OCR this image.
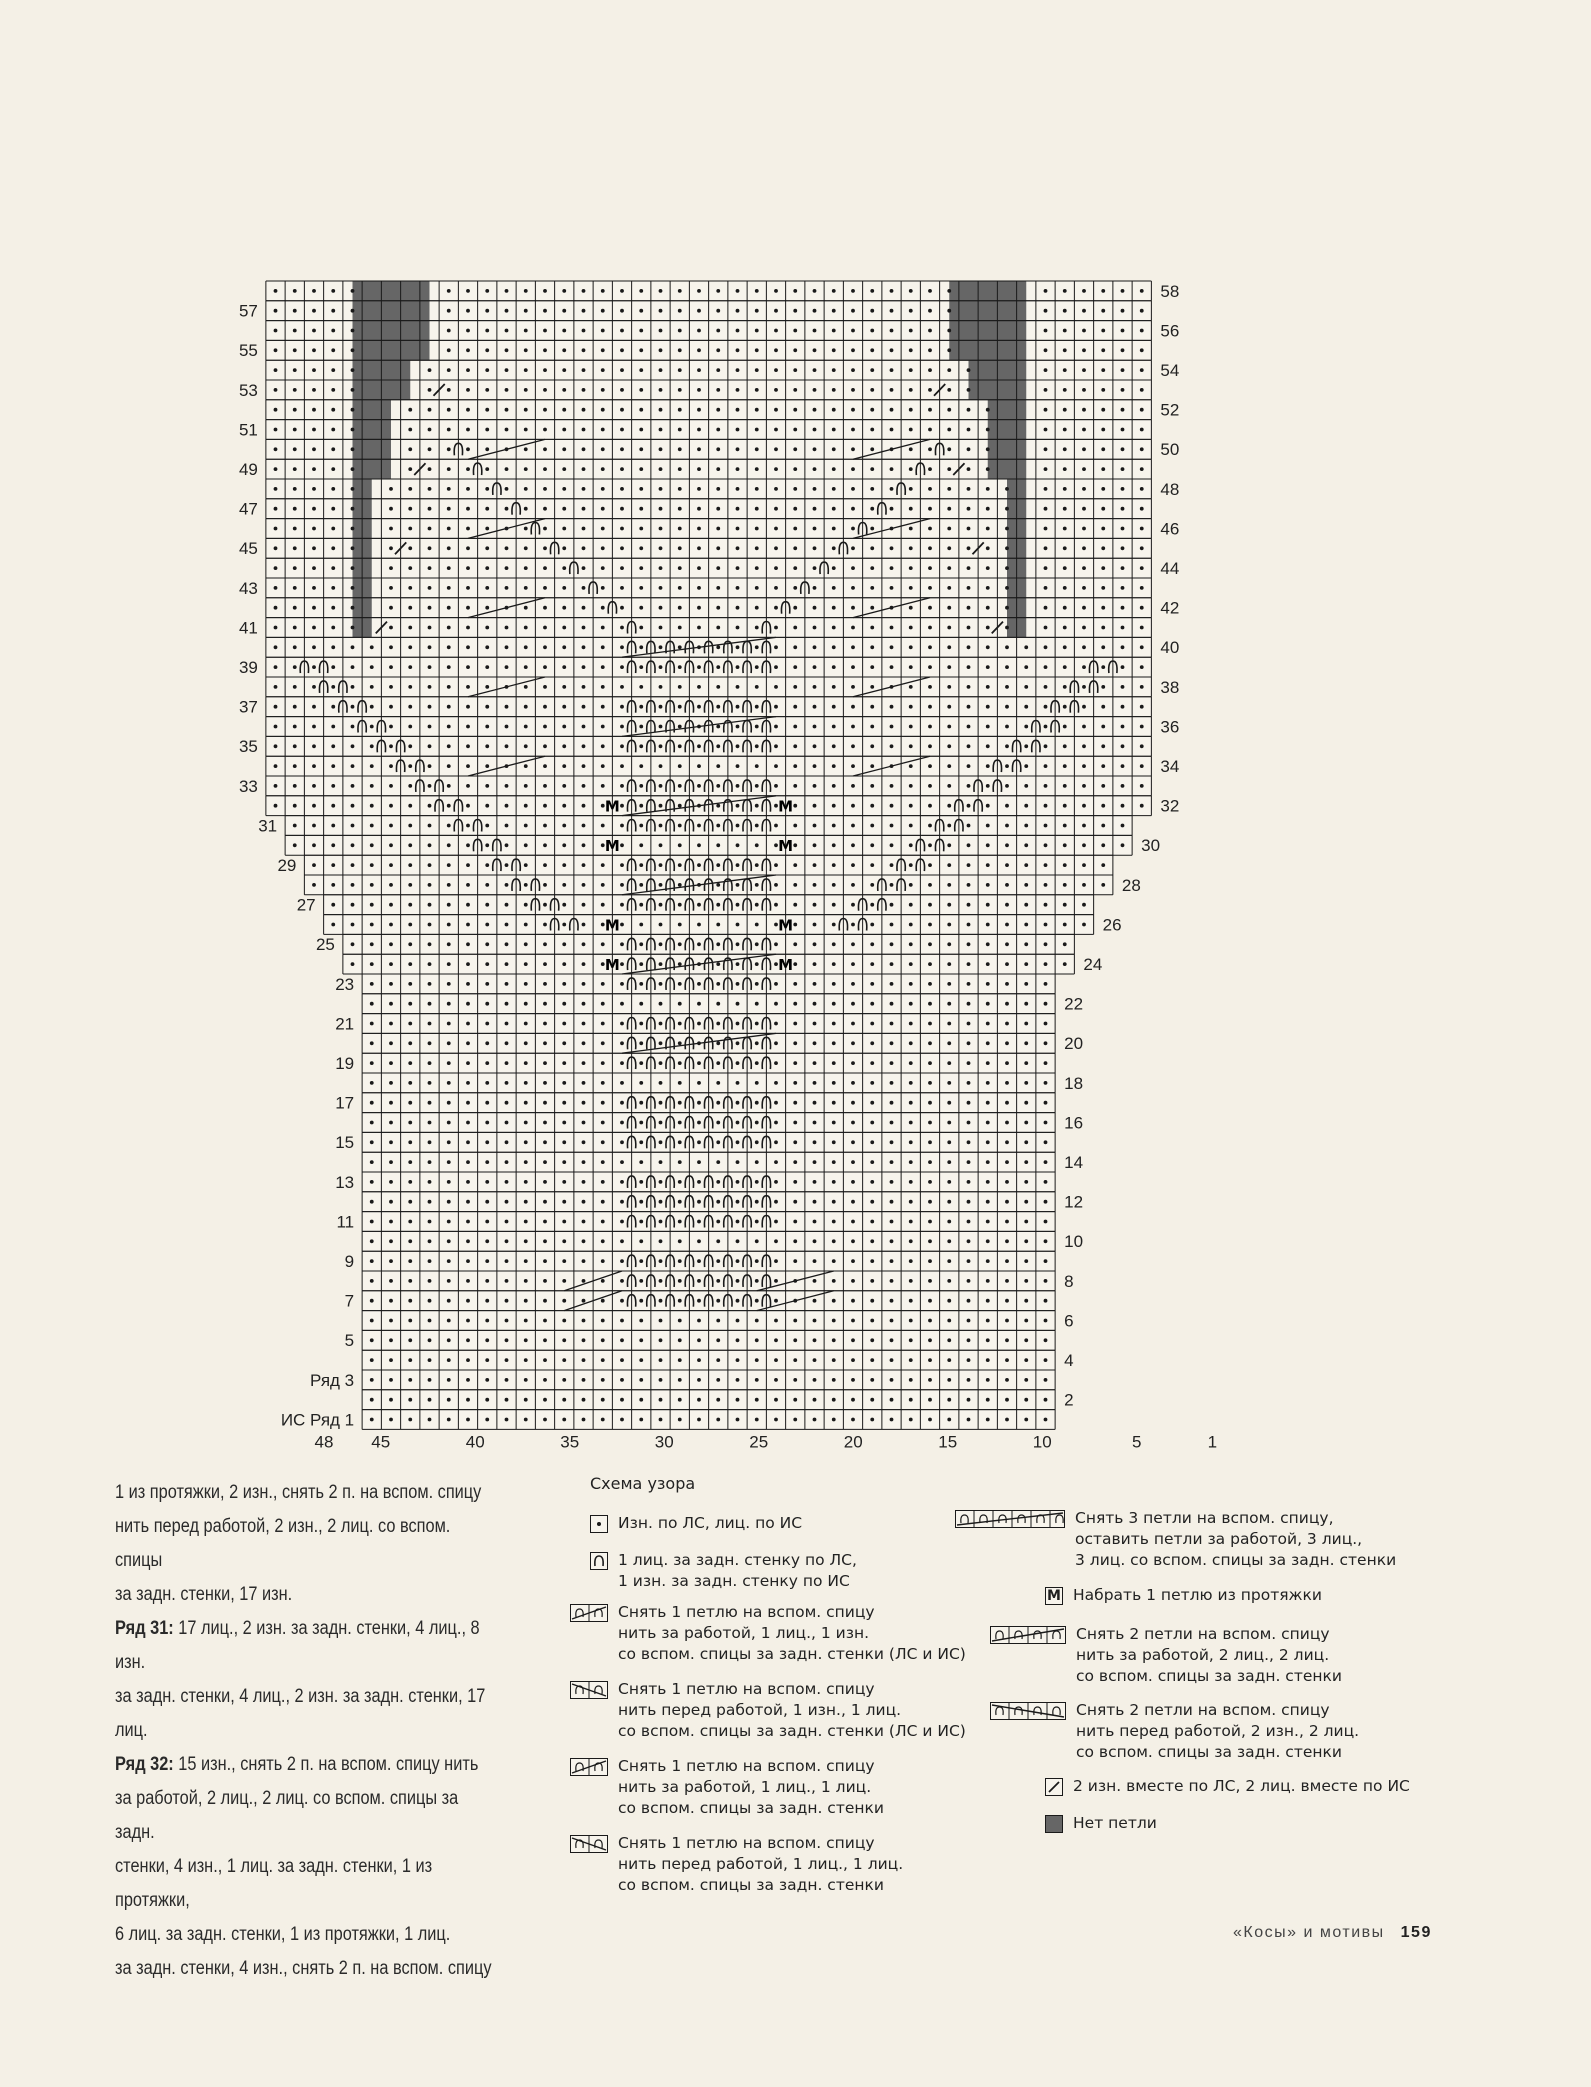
M	M
M	M
M	M
M	M
57
55
53
51
49
47
45
43
41
39
37
35
33
31
29
27
25
23
21
19
17
15
13
11
9
7
5
Ряд 3
ИС Ряд 1
58
56
54
52
50
48
46
44
42
40
38
36
34
32
30
28
26
24
22
20
18
16
14
12
10
8
6
4
2
48 45	40	35	30	25	20	15	10	5	1

1 из протяжки, 2 изн., снять 2 п. на вспом. спицу

нить перед работой, 2 изн., 2 лиц. со вспом. спицы

за задн. стенки, 17 изн.

Ряд 31: 17 лиц., 2 изн. за задн. стенки, 4 лиц., 8 изн.

за задн. стенки, 4 лиц., 2 изн. за задн. стенки, 17 лиц.

Ряд 32: 15 изн., снять 2 п. на вспом. спицу нить

за работой, 2 лиц., 2 лиц. со вспом. спицы за задн.

стенки, 4 изн., 1 лиц. за задн. стенки, 1 из протяжки,

6 лиц. за задн. стенки, 1 из протяжки, 1 лиц.

за задн. стенки, 4 изн., снять 2 п. на вспом. спицу

Схема узора
Изн. по ЛС, лиц. по ИС
1 лиц. за задн. стенку по ЛС,
1 изн. за задн. стенку по ИС
Снять 1 петлю на вспом. спицу
нить за работой, 1 лиц., 1 изн.
со вспом. спицы за задн. стенки (ЛС и ИС)
Снять 1 петлю на вспом. спицу
нить перед работой, 1 изн., 1 лиц.
со вспом. спицы за задн. стенки (ЛС и ИС)
Снять 1 петлю на вспом. спицу
нить за работой, 1 лиц., 1 лиц.
со вспом. спицы за задн. стенки
Снять 1 петлю на вспом. спицу
нить перед работой, 1 лиц., 1 лиц.
со вспом. спицы за задн. стенки
Снять 3 петли на вспом. спицу,
оставить петли за работой, 3 лиц.,
3 лиц. со вспом. спицы за задн. стенки
M Набрать 1 петлю из протяжки
Снять 2 петли на вспом. спицу
нить за работой, 2 лиц., 2 лиц.
со вспом. спицы за задн. стенки
Снять 2 петли на вспом. спицу
нить перед работой, 2 изн., 2 лиц.
со вспом. спицы за задн. стенки
2 изн. вместе по ЛС, 2 лиц. вместе по ИС
Нет петли
«Косы» и мотивы 159
